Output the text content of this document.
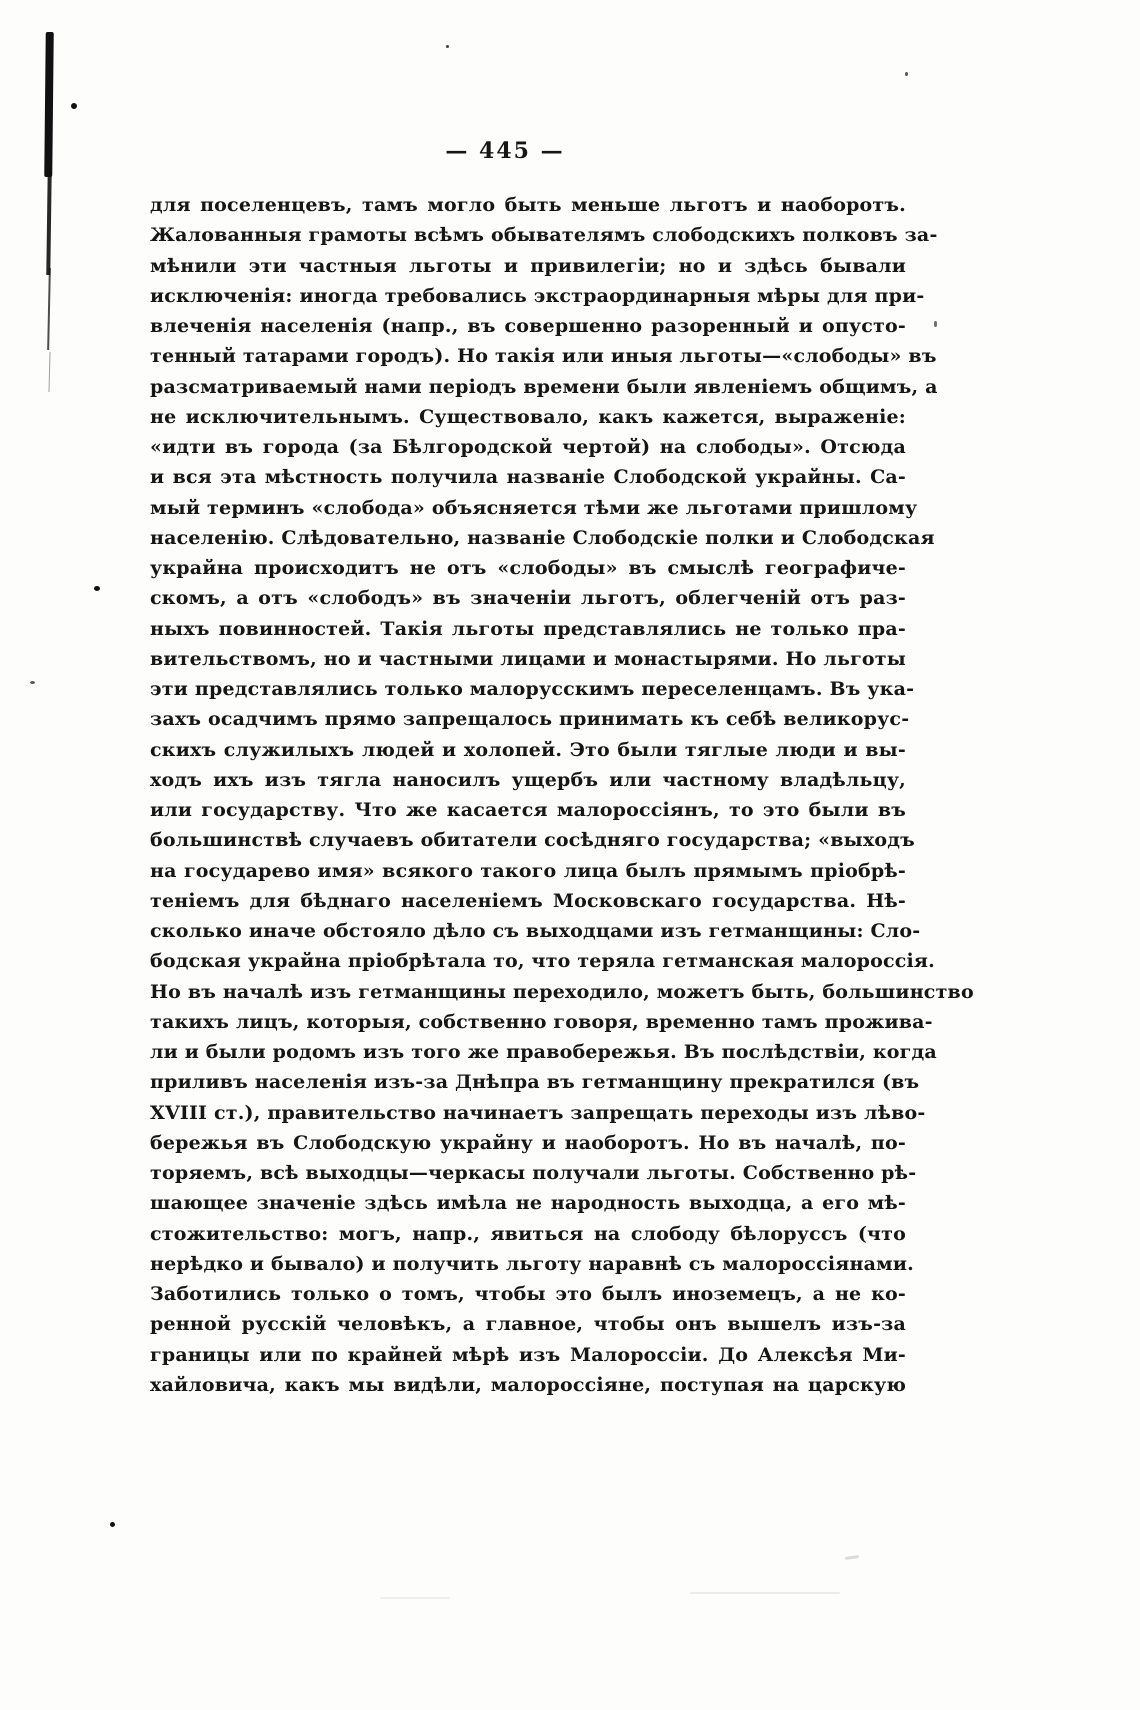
— 445 —
для поселенцевъ, тамъ могло быть меньше льготъ и наоборотъ.
Жалованныя грамоты всѣмъ обывателямъ слободскихъ полковъ за-
мѣнили эти частныя льготы и привилегіи; но и здѣсь бывали
исключенія: иногда требовались экстраординарныя мѣры для при-
влеченія населенія (напр., въ совершенно разоренный и опусто-
тенный татарами городъ). Но такія или иныя льготы—«слободы» въ
разсматриваемый нами періодъ времени были явленіемъ общимъ, а
не исключительнымъ. Существовало, какъ кажется, выраженіе:
«идти въ города (за Бѣлгородской чертой) на слободы». Отсюда
и вся эта мѣстность получила названіе Слободской украйны. Са-
мый терминъ «слобода» объясняется тѣми же льготами пришлому
населенію. Слѣдовательно, названіе Слободскіе полки и Слободская
украйна происходитъ не отъ «слободы» въ смыслѣ географиче-
скомъ, а отъ «слободъ» въ значеніи льготъ, облегченій отъ раз-
ныхъ повинностей. Такія льготы представлялись не только пра-
вительствомъ, но и частными лицами и монастырями. Но льготы
эти представлялись только малорусскимъ переселенцамъ. Въ ука-
захъ осадчимъ прямо запрещалось принимать къ себѣ великорус-
скихъ служилыхъ людей и холопей. Это были тяглые люди и вы-
ходъ ихъ изъ тягла наносилъ ущербъ или частному владѣльцу,
или государству. Что же касается малороссіянъ, то это были въ
большинствѣ случаевъ обитатели сосѣдняго государства; «выходъ
на государево имя» всякого такого лица былъ прямымъ пріобрѣ-
теніемъ для бѣднаго населеніемъ Московскаго государства. Нѣ-
сколько иначе обстояло дѣло съ выходцами изъ гетманщины: Сло-
бодская украйна пріобрѣтала то, что теряла гетманская малороссія.
Но въ началѣ изъ гетманщины переходило, можетъ быть, большинство
такихъ лицъ, которыя, собственно говоря, временно тамъ прожива-
ли и были родомъ изъ того же правобережья. Въ послѣдствіи, когда
приливъ населенія изъ-за Днѣпра въ гетманщину прекратился (въ
XVIII ст.), правительство начинаетъ запрещать переходы изъ лѣво-
бережья въ Слободскую украйну и наоборотъ. Но въ началѣ, по-
торяемъ, всѣ выходцы—черкасы получали льготы. Собственно рѣ-
шающее значеніе здѣсь имѣла не народность выходца, а его мѣ-
стожительство: могъ, напр., явиться на слободу бѣлоруссъ (что
нерѣдко и бывало) и получить льготу наравнѣ съ малороссіянами.
Заботились только о томъ, чтобы это былъ иноземецъ, а не ко-
ренной русскій человѣкъ, а главное, чтобы онъ вышелъ изъ-за
границы или по крайней мѣрѣ изъ Малороссіи. До Алексѣя Ми-
хайловича, какъ мы видѣли, малороссіяне, поступая на царскую
